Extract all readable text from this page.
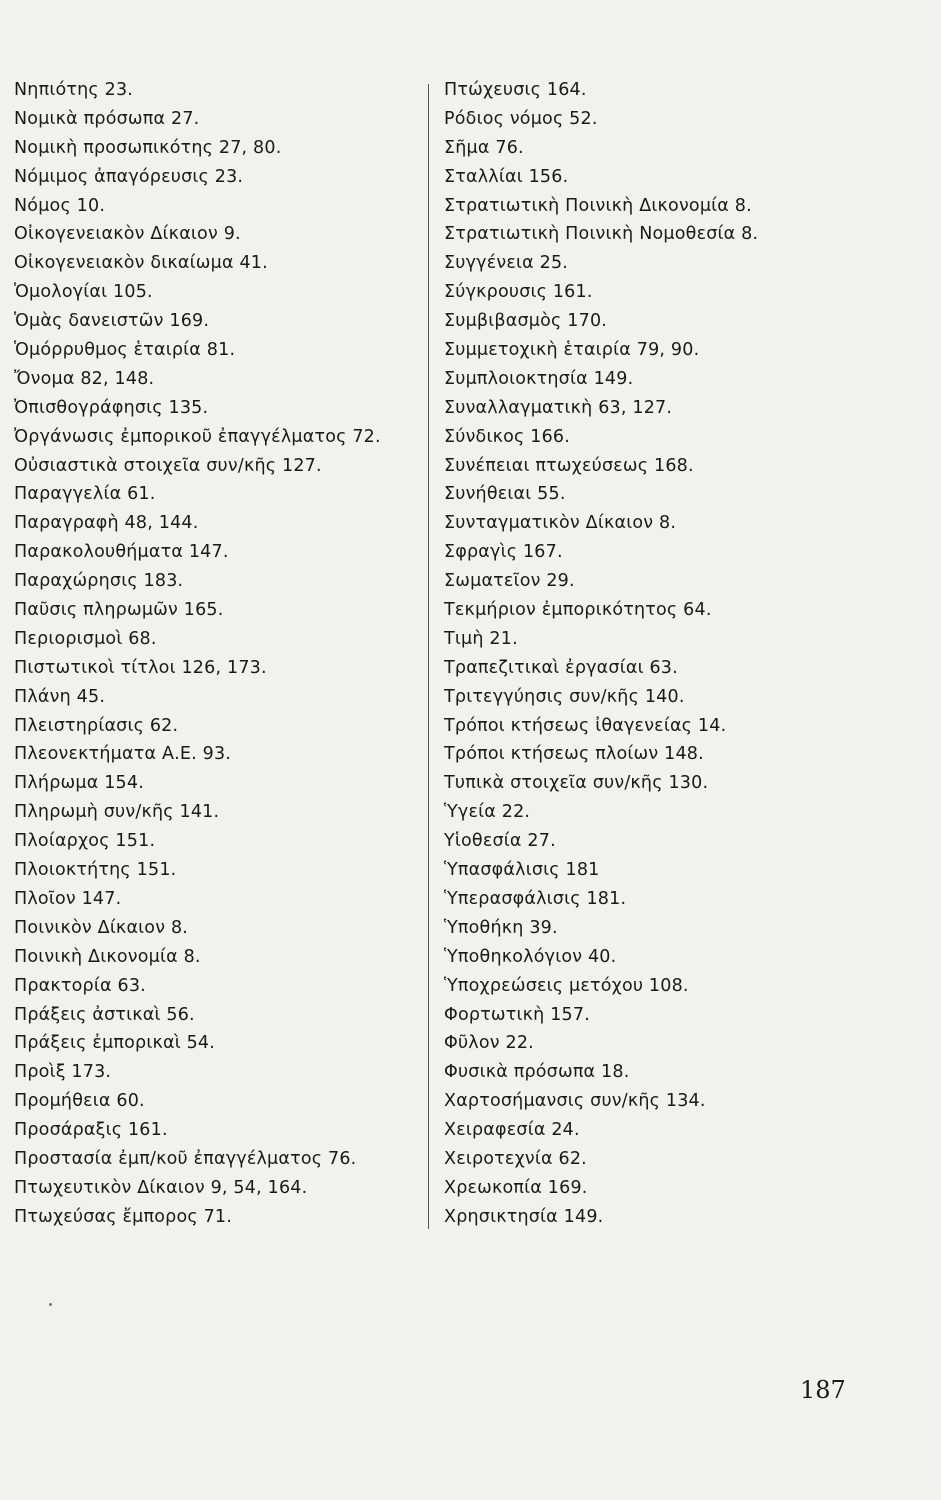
Νηπιότης 23.
Νομικὰ πρόσωπα 27.
Νομικὴ προσωπικότης 27, 80.
Νόμιμος ἀπαγόρευσις 23.
Νόμος 10.
Οἰκογενειακὸν Δίκαιον 9.
Οἰκογενειακὸν δικαίωμα 41.
Ὁμολογίαι 105.
Ὁμὰς δανειστῶν 169.
Ὁμόρρυθμος ἑταιρία 81.
Ὄνομα 82, 148.
Ὀπισθογράφησις 135.
Ὀργάνωσις ἐμπορικοῦ ἐπαγγέλματος 72.
Οὐσιαστικὰ στοιχεῖα συν/κῆς 127.
Παραγγελία 61.
Παραγραφὴ 48, 144.
Παρακολουθήματα 147.
Παραχώρησις 183.
Παῦσις πληρωμῶν 165.
Περιορισμοὶ 68.
Πιστωτικοὶ τίτλοι 126, 173.
Πλάνη 45.
Πλειστηρίασις 62.
Πλεονεκτήματα Α.Ε. 93.
Πλήρωμα 154.
Πληρωμὴ συν/κῆς 141.
Πλοίαρχος 151.
Πλοιοκτήτης 151.
Πλοῖον 147.
Ποινικὸν Δίκαιον 8.
Ποινικὴ Δικονομία 8.
Πρακτορία 63.
Πράξεις ἀστικαὶ 56.
Πράξεις ἐμπορικαὶ 54.
Προὶξ 173.
Προμήθεια 60.
Προσάραξις 161.
Προστασία ἐμπ/κοῦ ἐπαγγέλματος 76.
Πτωχευτικὸν Δίκαιον 9, 54, 164.
Πτωχεύσας ἔμπορος 71.
Πτώχευσις 164.
Ρόδιος νόμος 52.
Σῆμα 76.
Σταλλίαι 156.
Στρατιωτικὴ Ποινικὴ Δικονομία 8.
Στρατιωτικὴ Ποινικὴ Νομοθεσία 8.
Συγγένεια 25.
Σύγκρουσις 161.
Συμβιβασμὸς 170.
Συμμετοχικὴ ἑταιρία 79, 90.
Συμπλοιοκτησία 149.
Συναλλαγματικὴ 63, 127.
Σύνδικος 166.
Συνέπειαι πτωχεύσεως 168.
Συνήθειαι 55.
Συνταγματικὸν Δίκαιον 8.
Σφραγὶς 167.
Σωματεῖον 29.
Τεκμήριον ἐμπορικότητος 64.
Τιμὴ 21.
Τραπεζιτικαὶ ἐργασίαι 63.
Τριτεγγύησις συν/κῆς 140.
Τρόποι κτήσεως ἰθαγενείας 14.
Τρόποι κτήσεως πλοίων 148.
Τυπικὰ στοιχεῖα συν/κῆς 130.
Ὑγεία 22.
Υἱοθεσία 27.
Ὑπασφάλισις 181
Ὑπερασφάλισις 181.
Ὑποθήκη 39.
Ὑποθηκολόγιον 40.
Ὑποχρεώσεις μετόχου 108.
Φορτωτικὴ 157.
Φῦλον 22.
Φυσικὰ πρόσωπα 18.
Χαρτοσήμανσις συν/κῆς 134.
Χειραφεσία 24.
Χειροτεχνία 62.
Χρεωκοπία 169.
Χρησικτησία 149.
187
